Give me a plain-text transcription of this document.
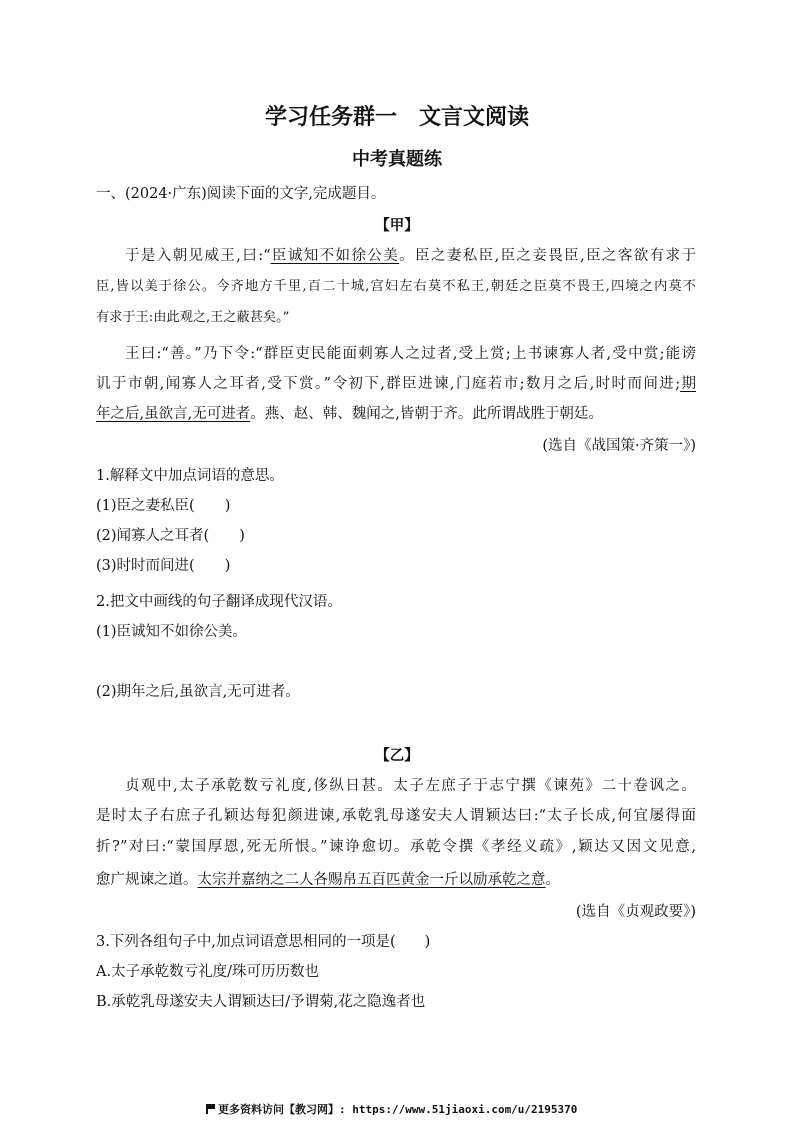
学习任务群一　文言文阅读
中考真题练
一、(2024·广东)阅读下面的文字,完成题目。
【甲】
于是入朝见威王,曰:“臣诚知不如徐公美。臣之妻私臣,臣之妾畏臣,臣之客欲有求于
臣,皆以美于徐公。今齐地方千里,百二十城,宫妇左右莫不私王,朝廷之臣莫不畏王,四境之内莫不
有求于王:由此观之,王之蔽甚矣。”
王曰:“善。”乃下令:“群臣吏民能面刺寡人之过者,受上赏;上书谏寡人者,受中赏;能谤
讥于市朝,闻寡人之耳者,受下赏。”令初下,群臣进谏,门庭若市;数月之后,时时而间进;期
年之后,虽欲言,无可进者。燕、赵、韩、魏闻之,皆朝于齐。此所谓战胜于朝廷。
(选自《战国策·齐策一》)
1.解释文中加点词语的意思。
(1)臣之妻私臣( )
(2)闻寡人之耳者( )
(3)时时而间进( )
2.把文中画线的句子翻译成现代汉语。
(1)臣诚知不如徐公美。
(2)期年之后,虽欲言,无可进者。
【乙】
贞观中,太子承乾数亏礼度,侈纵日甚。太子左庶子于志宁撰《谏苑》二十卷讽之。
是时太子右庶子孔颖达每犯颜进谏,承乾乳母遂安夫人谓颖达曰:“太子长成,何宜屡得面
折?”对曰:“蒙国厚恩,死无所恨。”谏诤愈切。承乾令撰《孝经义疏》,颖达又因文见意,
愈广规谏之道。太宗并嘉纳之二人各赐帛五百匹黄金一斤以励承乾之意。
(选自《贞观政要》)
3.下列各组句子中,加点词语意思相同的一项是(　　)
A.太子承乾数亏礼度/珠可历历数也
B.承乾乳母遂安夫人谓颖达曰/予谓菊,花之隐逸者也
更多资料访问【教习网】: https://www.51jiaoxi.com/u/2195370
